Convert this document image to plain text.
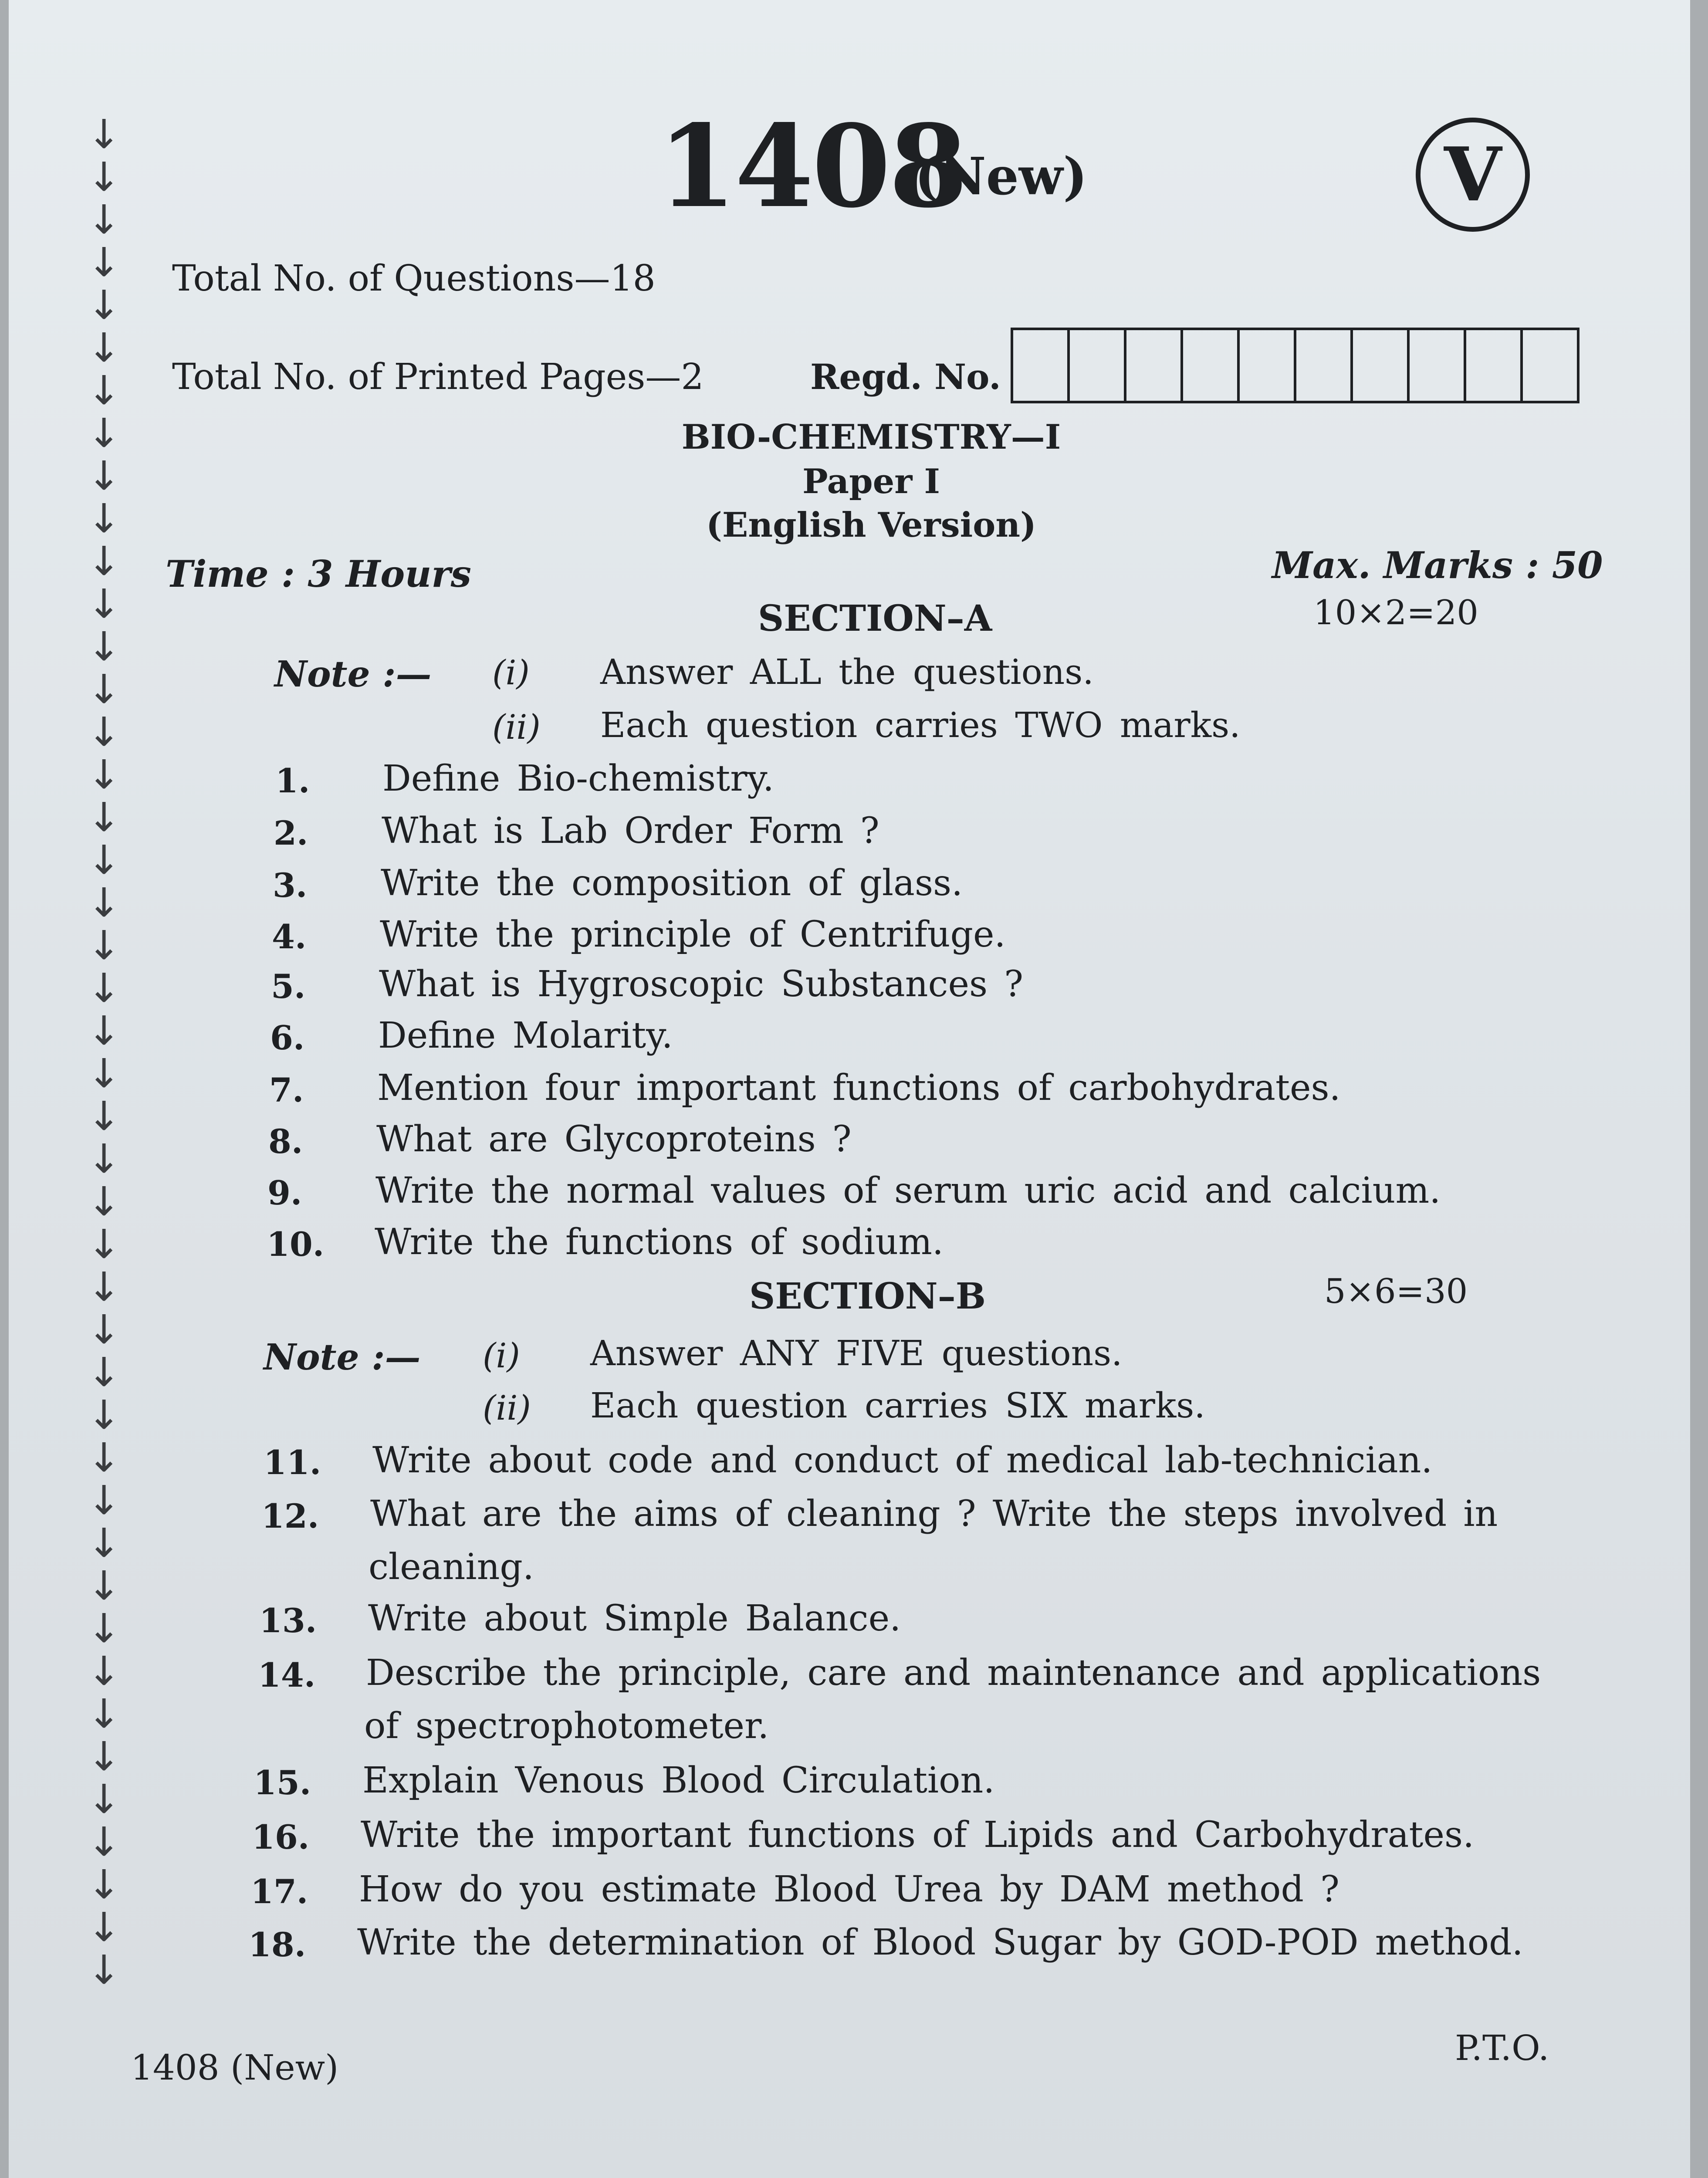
↓
↓
↓
↓
↓
↓
↓
↓
↓
↓
↓
↓
↓
↓
↓
↓
↓
↓
↓
↓
↓
↓
↓
↓
↓
↓
↓
↓
↓
↓
↓
↓
↓
↓
↓
↓
↓
↓
↓
↓
↓
↓
↓
↓
1408
(New)	V
Total No. of Questions—18
Total No. of Printed Pages—2	Regd. No.
BIO-CHEMISTRY—I
Paper I
(English Version)
Time : 3 Hours	Max. Marks : 50
SECTION–A	10×2=20
Note :— (i) Answer ALL the questions.
(ii) Each question carries TWO marks.
1. Define Bio-chemistry.
2. What is Lab Order Form ?
3. Write the composition of glass.
4. Write the principle of Centrifuge.
5. What is Hygroscopic Substances ?
6. Define Molarity.
7. Mention four important functions of carbohydrates.
8. What are Glycoproteins ?
9. Write the normal values of serum uric acid and calcium.
10. Write the functions of sodium.
SECTION–B	5×6=30
Note :— (i) Answer ANY FIVE questions.
(ii) Each question carries SIX marks.
11. Write about code and conduct of medical lab-technician.
12. What are the aims of cleaning ? Write the steps involved in
cleaning.
13. Write about Simple Balance.
14. Describe the principle, care and maintenance and applications
of spectrophotometer.
15. Explain Venous Blood Circulation.
16. Write the important functions of Lipids and Carbohydrates.
17. How do you estimate Blood Urea by DAM method ?
18. Write the determination of Blood Sugar by GOD-POD method.
1408 (New)	P.T.O.
